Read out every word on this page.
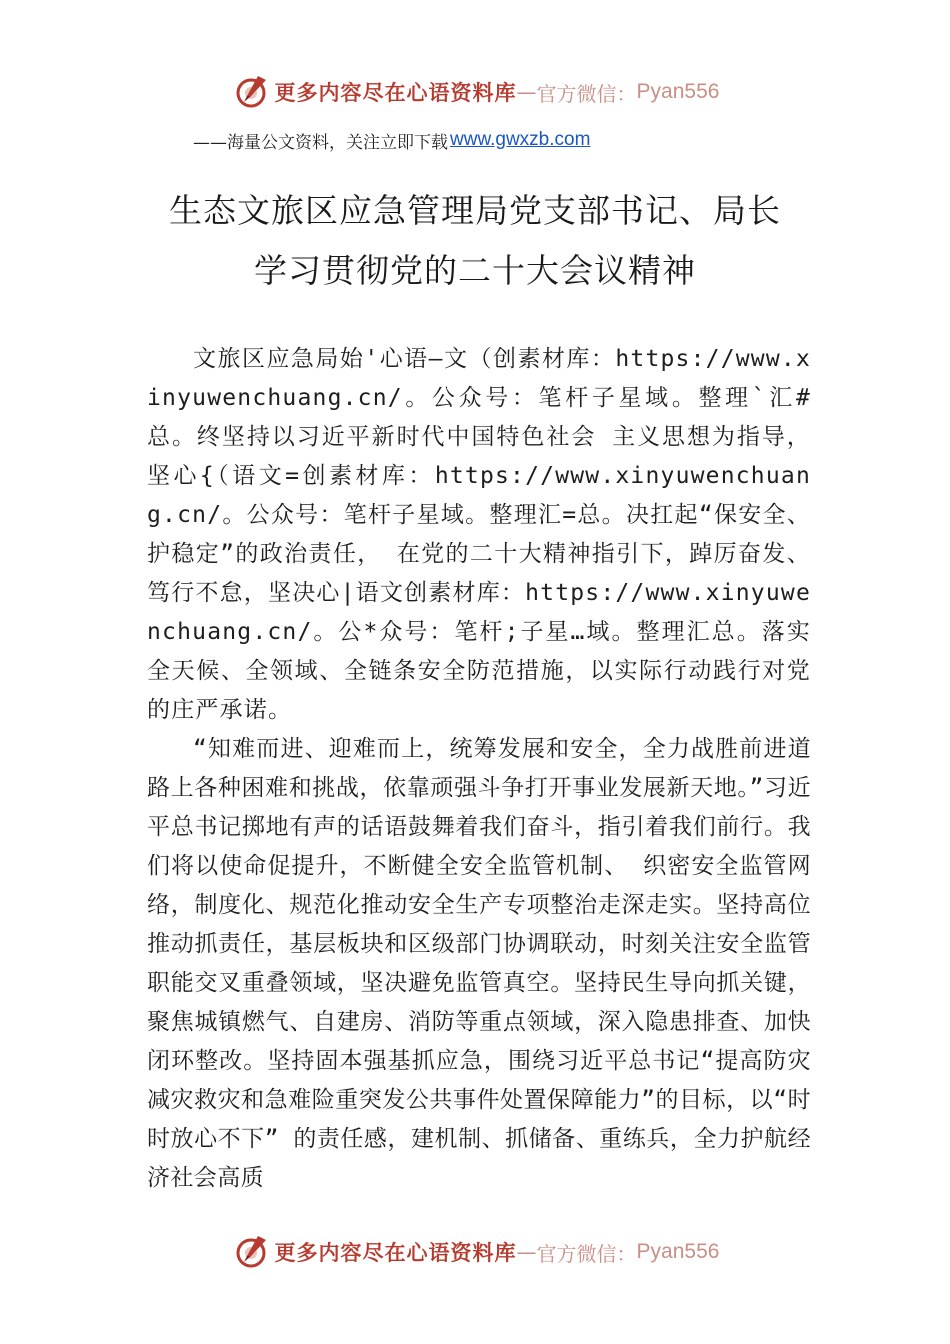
更多内容尽在心语资料库 — 官方微信： Pyan556
——海量公文资料，关注立即下载 www.gwxzb.com
生态文旅区应急管理局党支部书记、局长
学习贯彻党的二十大会议精神

文旅区应急局始'心语—文（创素材库：https://www.xinyuwenchuang.cn/。公众号：笔杆子星域。整理`汇#总。终坚持以习近平新时代中国特色社会 主义思想为指导，坚心{（语文=创素材库：https://www.xinyuwenchuang.cn/。公众号：笔杆子星域。整理汇=总。决扛起“保安全、护稳定”的政治责任， 在党的二十大精神指引下，踔厉奋发、笃行不怠，坚决心|语文创素材库：https://www.xinyuwenchuang.cn/。公*众号：笔杆;子星…域。整理汇总。落实全天候、全领域、全链条安全防范措施，以实际行动践行对党的庄严承诺。

“知难而进、迎难而上，统筹发展和安全，全力战胜前进道路上各种困难和挑战，依靠顽强斗争打开事业发展新天地。”习近平总书记掷地有声的话语鼓舞着我们奋斗，指引着我们前行。我们将以使命促提升，不断健全安全监管机制、 织密安全监管网络，制度化、规范化推动安全生产专项整治走深走实。坚持高位推动抓责任，基层板块和区级部门协调联动，时刻关注安全监管职能交叉重叠领域，坚决避免监管真空。坚持民生导向抓关键，聚焦城镇燃气、自建房、消防等重点领域，深入隐患排查、加快闭环整改。坚持固本强基抓应急，围绕习近平总书记“提高防灾减灾救灾和急难险重突发公共事件处置保障能力”的目标，以“时时放心不下” 的责任感，建机制、抓储备、重练兵，全力护航经济社会高质

更多内容尽在心语资料库 — 官方微信： Pyan556
